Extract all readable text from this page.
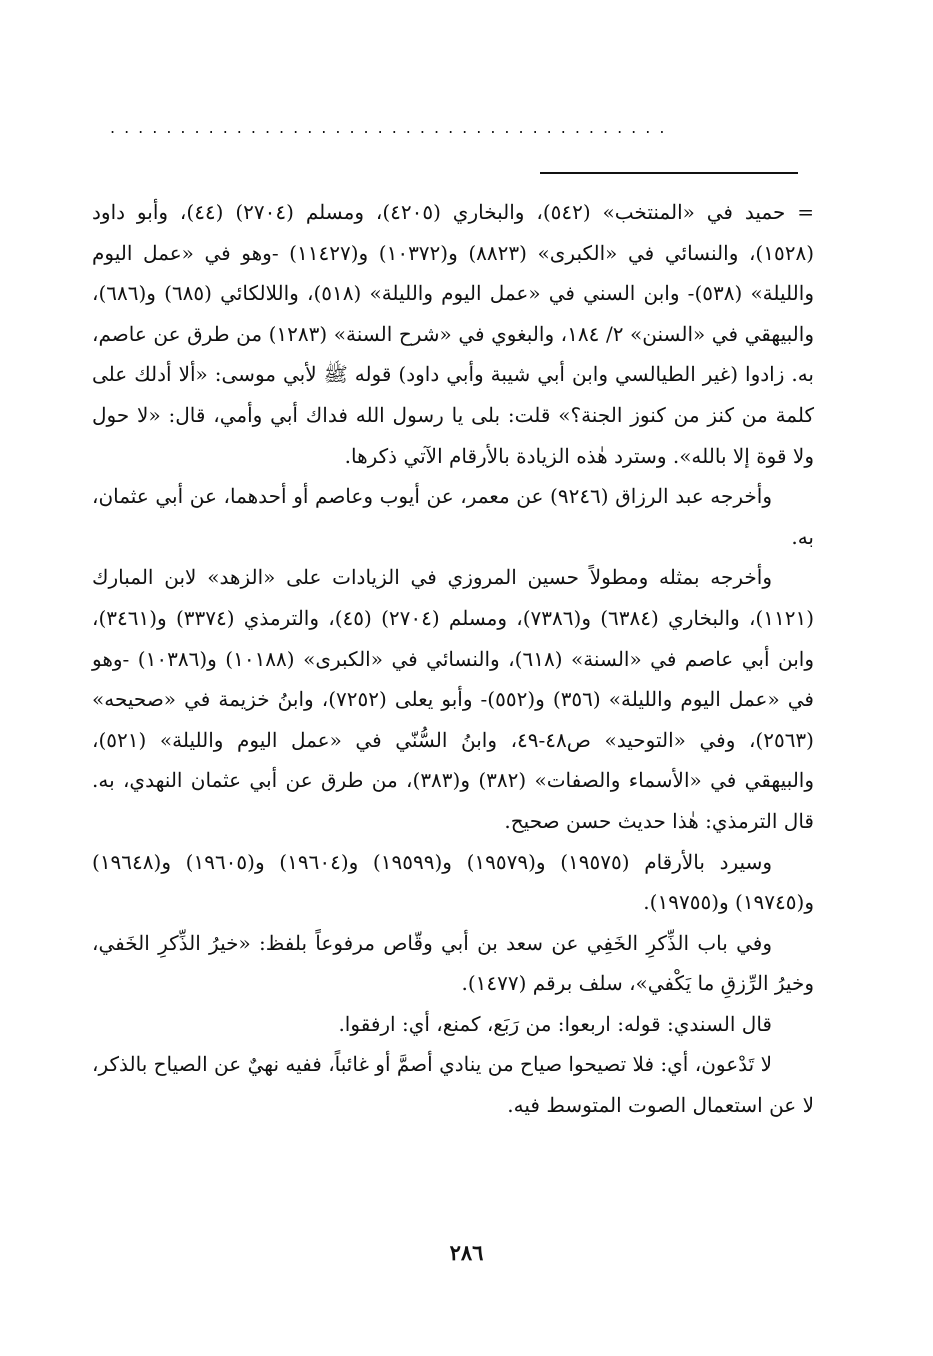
........................................

= حميد في «المنتخب» (٥٤٢)، والبخاري (٤٢٠٥)، ومسلم (٢٧٠٤) (٤٤)، وأبو داود (١٥٢٨)، والنسائي في «الكبرى» (٨٨٢٣) و(١٠٣٧٢) و(١١٤٢٧) -وهو في «عمل اليوم والليلة» (٥٣٨)- وابن السني في «عمل اليوم والليلة» (٥١٨)، واللالكائي (٦٨٥) و(٦٨٦)، والبيهقي في «السنن» ٢/ ١٨٤، والبغوي في «شرح السنة» (١٢٨٣) من طرق عن عاصم، به. زادوا (غير الطيالسي وابن أبي شيبة وأبي داود) قوله ﷺ لأبي موسى: «ألا أدلك على كلمة من كنز من كنوز الجنة؟» قلت: بلى يا رسول الله فداك أبي وأمي، قال: «لا حول ولا قوة إلا بالله». وسترد هٰذه الزيادة بالأرقام الآتي ذكرها.

وأخرجه عبد الرزاق (٩٢٤٦) عن معمر، عن أيوب وعاصم أو أحدهما، عن أبي عثمان، به.

وأخرجه بمثله ومطولاً حسين المروزي في الزيادات على «الزهد» لابن المبارك (١١٢١)، والبخاري (٦٣٨٤) و(٧٣٨٦)، ومسلم (٢٧٠٤) (٤٥)، والترمذي (٣٣٧٤) و(٣٤٦١)، وابن أبي عاصم في «السنة» (٦١٨)، والنسائي في «الكبرى» (١٠١٨٨) و(١٠٣٨٦) -وهو في «عمل اليوم والليلة» (٣٥٦) و(٥٥٢)- وأبو يعلى (٧٢٥٢)، وابنُ خزيمة في «صحيحه» (٢٥٦٣)، وفي «التوحيد» ص٤٨-٤٩، وابنُ السُّنّي في «عمل اليوم والليلة» (٥٢١)، والبيهقي في «الأسماء والصفات» (٣٨٢) و(٣٨٣)، من طرق عن أبي عثمان النهدي، به. قال الترمذي: هٰذا حديث حسن صحيح.

وسيرد بالأرقام (١٩٥٧٥) و(١٩٥٧٩) و(١٩٥٩٩) و(١٩٦٠٤) و(١٩٦٠٥) و(١٩٦٤٨) و(١٩٧٤٥) و(١٩٧٥٥).

وفي باب الذِّكرِ الخَفِي عن سعد بن أبي وقّاص مرفوعاً بلفظ: «خيرُ الذِّكرِ الخَفي، وخيرُ الرِّزقِ ما يَكْفي»، سلف برقم (١٤٧٧).

قال السندي: قوله: اربعوا: من رَبَع، كمنع، أي: ارفقوا.

لا تَدْعون، أي: فلا تصيحوا صياح من ينادي أصمَّ أو غائباً، ففيه نهيٌ عن الصياح بالذكر، لا عن استعمال الصوت المتوسط فيه.

٢٨٦
